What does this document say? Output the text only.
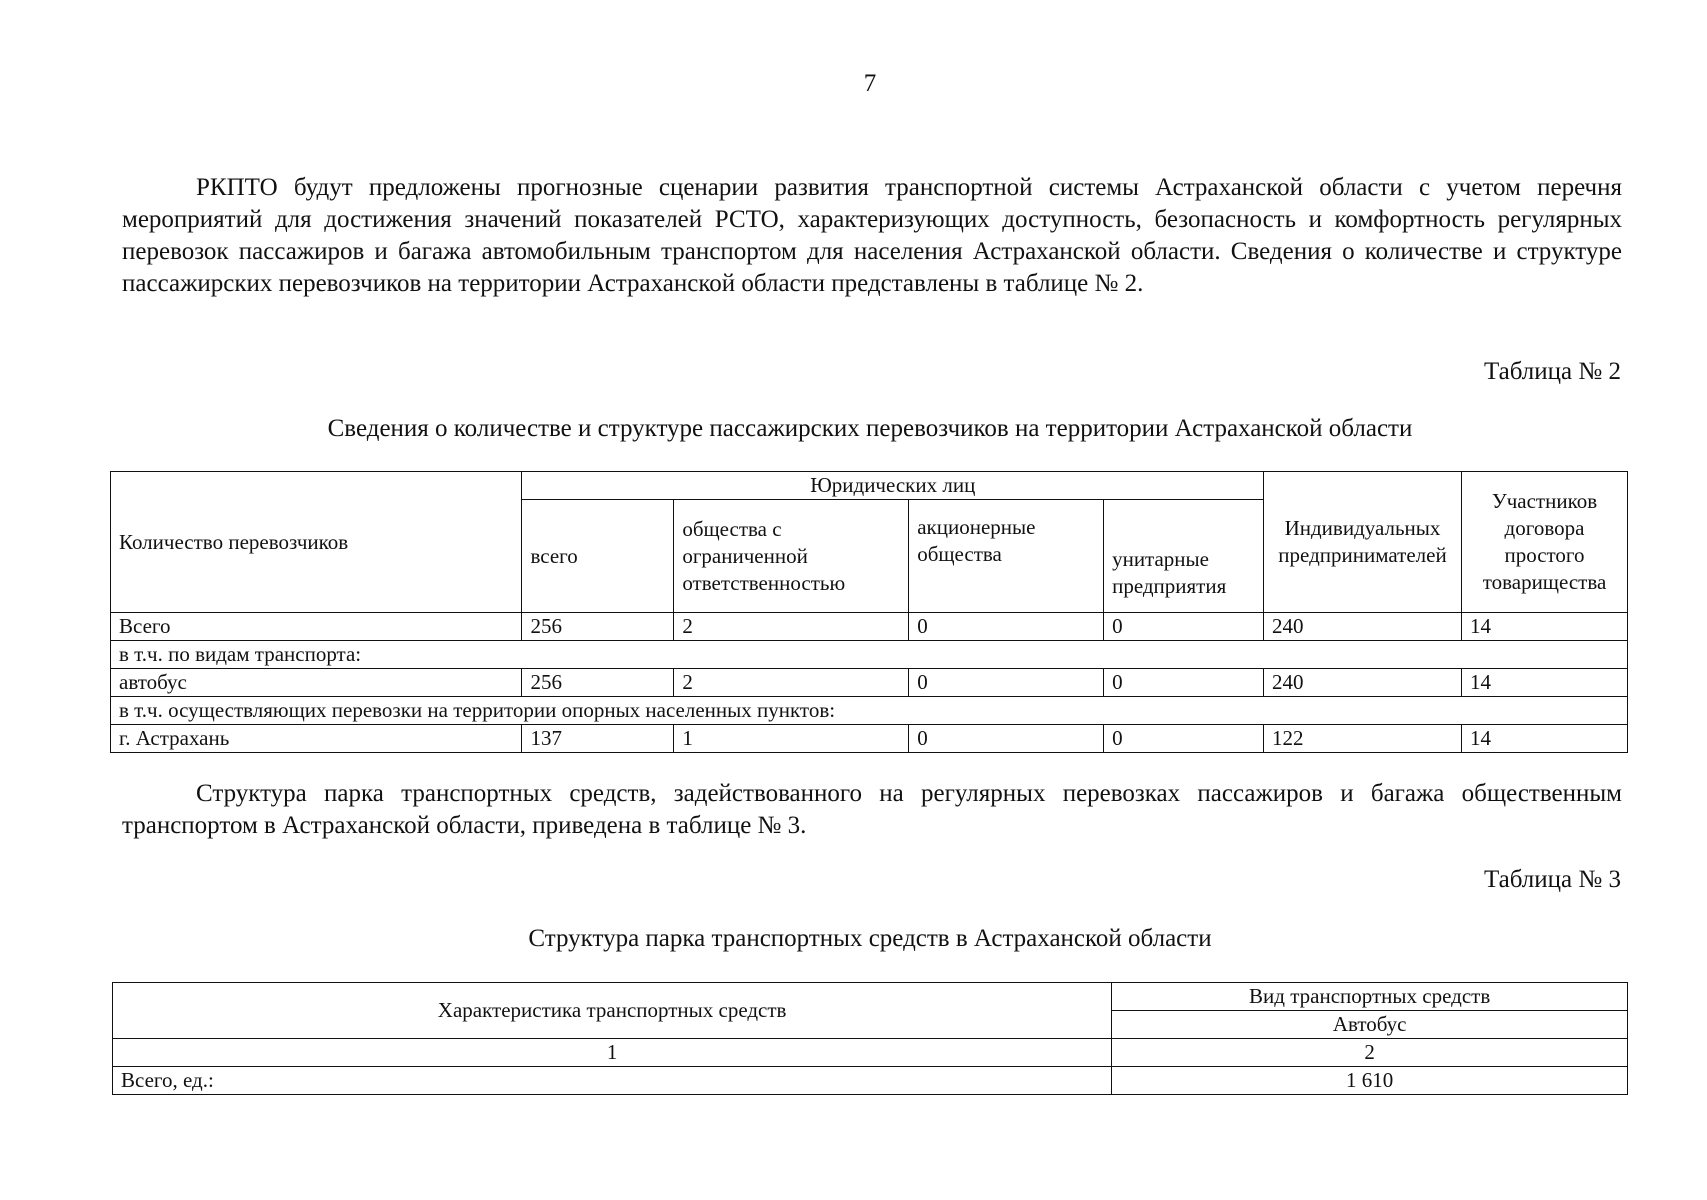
7

РКПТО будут предложены прогнозные сценарии развития транспортной системы Астраханской области с учетом перечня мероприятий для достижения значений показателей РСТО, характеризующих доступность, безопасность и комфортность регулярных перевозок пассажиров и багажа автомобильным транспортом для населения Астраханской области. Сведения о количестве и структуре пассажирских перевозчиков на территории Астраханской области представлены в таблице № 2.

Таблица № 2
Сведения о количестве и структуре пассажирских перевозчиков на территории Астраханской области
Количество перевозчиков	Юридических лиц				Индивидуальных предпринимателей	Участников договора простого товарищества
	всего	общества с ограниченной ответственностью	акционерные общества	унитарные предприятия		
Всего	256	2	0	0	240	14
в т.ч. по видам транспорта:						
автобус	256	2	0	0	240	14
в т.ч. осуществляющих перевозки на территории опорных населенных пунктов:						
г. Астрахань	137	1	0	0	122	14

Структура парка транспортных средств, задействованного на регулярных перевозках пассажиров и багажа общественным транспортом в Астраханской области, приведена в таблице № 3.

Таблица № 3
Структура парка транспортных средств в Астраханской области
Характеристика транспортных средств	Вид транспортных средств
	Автобус
1	2
Всего, ед.:	1 610
